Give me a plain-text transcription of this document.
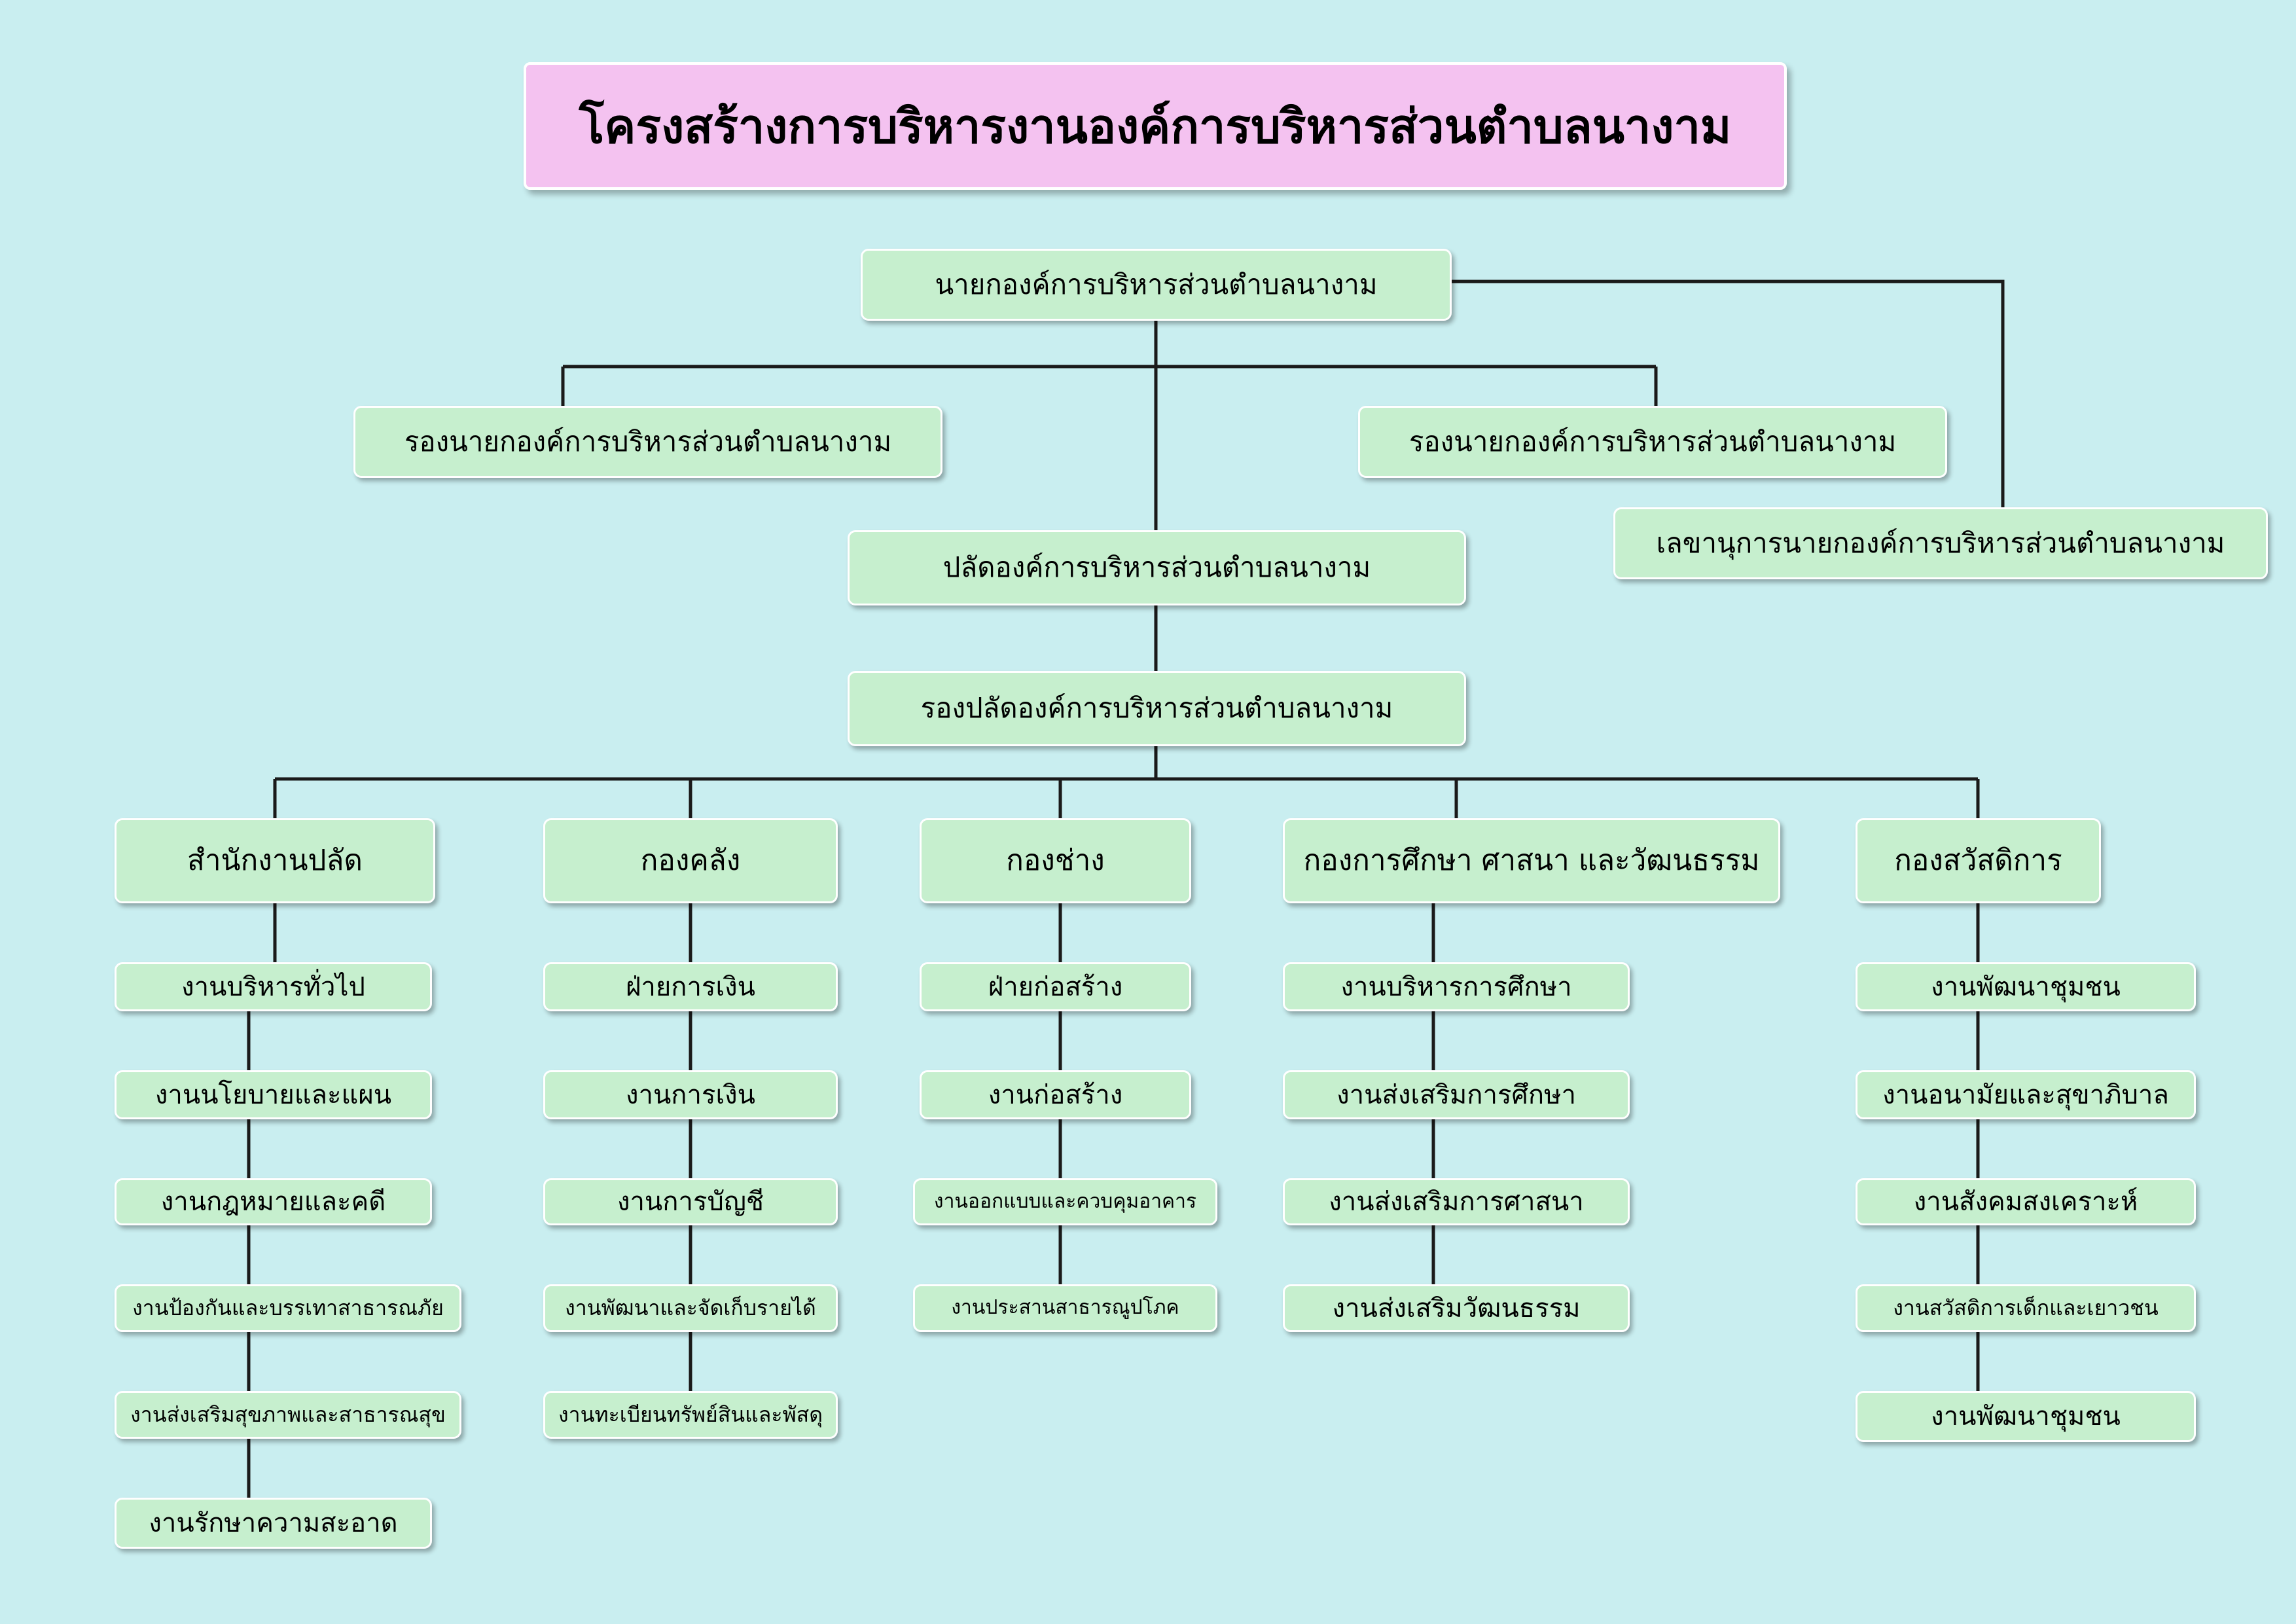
โครงสร้างการบริหารงานองค์การบริหารส่วนตำบลนางาม
นายกองค์การบริหารส่วนตำบลนางาม
รองนายกองค์การบริหารส่วนตำบลนางาม	รองนายกองค์การบริหารส่วนตำบลนางาม
เลขานุการนายกองค์การบริหารส่วนตำบลนางาม
ปลัดองค์การบริหารส่วนตำบลนางาม
รองปลัดองค์การบริหารส่วนตำบลนางาม
สำนักงานปลัด
งานบริหารทั่วไป
งานนโยบายและแผน
งานกฎหมายและคดี
งานป้องกันและบรรเทาสาธารณภัย
งานส่งเสริมสุขภาพและสาธารณสุข
งานรักษาความสะอาด
กองคลัง
ฝ่ายการเงิน
งานการเงิน
งานการบัญชี
งานพัฒนาและจัดเก็บรายได้
งานทะเบียนทรัพย์สินและพัสดุ
กองช่าง
ฝ่ายก่อสร้าง
งานก่อสร้าง
งานออกแบบและควบคุมอาคาร
งานประสานสาธารณูปโภค
กองการศึกษา ศาสนา และวัฒนธรรม
งานบริหารการศึกษา
งานส่งเสริมการศึกษา
งานส่งเสริมการศาสนา
งานส่งเสริมวัฒนธรรม
กองสวัสดิการ
งานพัฒนาชุมชน
งานอนามัยและสุขาภิบาล
งานสังคมสงเคราะห์
งานสวัสดิการเด็กและเยาวชน
งานพัฒนาชุมชน
